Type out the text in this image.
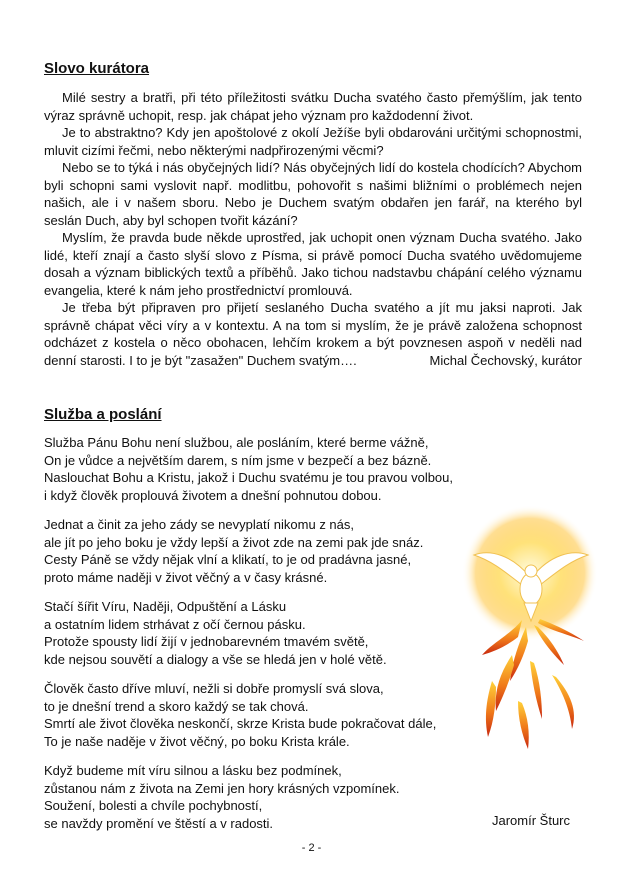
Slovo kurátora
Milé sestry a bratři, při této příležitosti svátku Ducha svatého často přemýšlím, jak tento výraz správně uchopit, resp. jak chápat jeho význam pro každodenní život.
Je to abstraktno? Kdy jen apoštolové z okolí Ježíše byli obdarováni určitými schopnostmi, mluvit cizími řečmi, nebo některými nadpřirozenými věcmi?
Nebo se to týká i nás obyčejných lidí? Nás obyčejných lidí do kostela chodících? Abychom byli schopni sami vyslovit např. modlitbu, pohovořit s našimi bližními o problémech nejen našich, ale i v našem sboru. Nebo je Duchem svatým obdařen jen farář, na kterého byl seslán Duch, aby byl schopen tvořit kázání?
Myslím, že pravda bude někde uprostřed, jak uchopit onen význam Ducha svatého. Jako lidé, kteří znají a často slyší slovo z Písma, si právě pomocí Ducha svatého uvědomujeme dosah a význam biblických textů a příběhů. Jako tichou nadstavbu chápání celého významu evangelia, které k nám jeho prostřednictví promlouvá.
Je třeba být připraven pro přijetí seslaného Ducha svatého a jít mu jaksi naproti. Jak správně chápat věci víry a v kontextu. A na tom si myslím, že je právě založena schopnost odcházet z kostela o něco obohacen, lehčím krokem a být povznesen aspoň v neděli nad denní starosti. I to je být "zasažen" Duchem svatým….	Michal Čechovský, kurátor
Služba a poslání
Služba Pánu Bohu není službou, ale posláním, které berme vážně,
On je vůdce a největším darem, s ním jsme v bezpečí a bez bázně.
Naslouchat Bohu a Kristu, jakož i Duchu svatému je tou pravou volbou,
i když člověk proplouvá životem a dnešní pohnutou dobou.
Jednat a činit za jeho zády se nevyplatí nikomu z nás,
ale jít po jeho boku je vždy lepší a život zde na zemi pak jde snáz.
Cesty Páně se vždy nějak vlní a klikatí, to je od pradávna jasné,
proto máme naději v život věčný a v časy krásné.
Stačí šířit Víru, Naději, Odpuštění a Lásku
a ostatním lidem strhávat z očí černou pásku.
Protože spousty lidí žijí v jednobarevném tmavém světě,
kde nejsou souvětí a dialogy a vše se hledá jen v holé větě.
Člověk často dříve mluví, nežli si dobře promyslí svá slova,
to je dnešní trend a skoro každý se tak chová.
Smrtí ale život člověka neskončí, skrze Krista bude pokračovat dále,
To je naše naděje v život věčný, po boku Krista krále.
Když budeme mít víru silnou a lásku bez podmínek,
zůstanou nám z života na Zemi jen hory krásných vzpomínek.
Soužení, bolesti a chvíle pochybností,
se navždy promění ve štěstí a v radosti.	Jaromír Šturc
- 2 -
